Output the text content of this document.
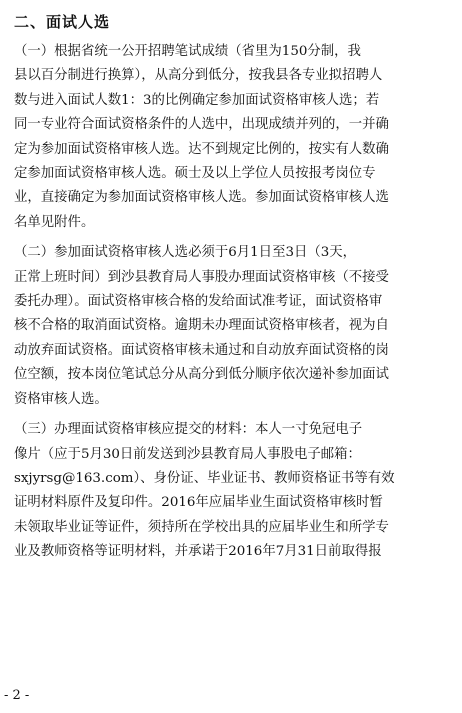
二、面试人选
（一）根据省统一公开招聘笔试成绩（省里为150分制，我
县以百分制进行换算），从高分到低分，按我县各专业拟招聘人
数与进入面试人数1：3的比例确定参加面试资格审核人选；若
同一专业符合面试资格条件的人选中，出现成绩并列的，一并确
定为参加面试资格审核人选。达不到规定比例的，按实有人数确
定参加面试资格审核人选。硕士及以上学位人员按报考岗位专
业，直接确定为参加面试资格审核人选。参加面试资格审核人选
名单见附件。
（二）参加面试资格审核人选必须于6月1日至3日（3天，
正常上班时间）到沙县教育局人事股办理面试资格审核（不接受
委托办理）。面试资格审核合格的发给面试准考证，面试资格审
核不合格的取消面试资格。逾期未办理面试资格审核者，视为自
动放弃面试资格。面试资格审核未通过和自动放弃面试资格的岗
位空额，按本岗位笔试总分从高分到低分顺序依次递补参加面试
资格审核人选。
（三）办理面试资格审核应提交的材料：本人一寸免冠电子
像片（应于5月30日前发送到沙县教育局人事股电子邮箱：
sxjyrsg@163.com）、身份证、毕业证书、教师资格证书等有效
证明材料原件及复印件。2016年应届毕业生面试资格审核时暂
未领取毕业证等证件，须持所在学校出具的应届毕业生和所学专
业及教师资格等证明材料，并承诺于2016年7月31日前取得报
- 2 -
